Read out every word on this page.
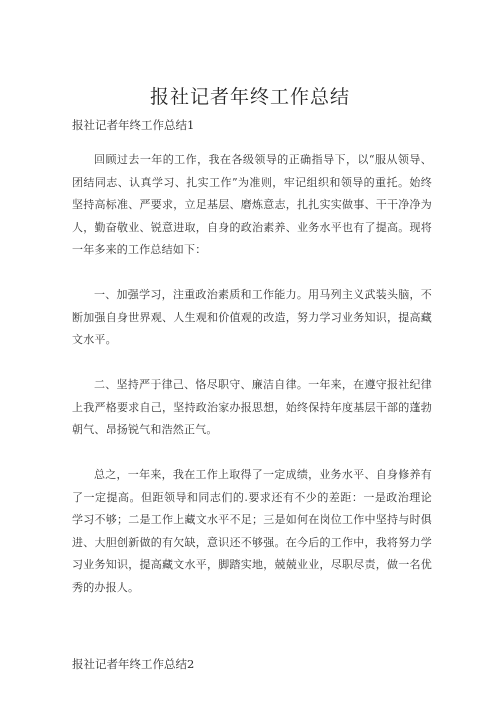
报社记者年终工作总结
报社记者年终工作总结1

回顾过去一年的工作，我在各级领导的正确指导下，以“服从领导、团结同志、认真学习、扎实工作”为准则，牢记组织和领导的重托。始终坚持高标准、严要求，立足基层、磨炼意志，扎扎实实做事、干干净净为人，勤奋敬业、锐意进取，自身的政治素养、业务水平也有了提高。现将一年多来的工作总结如下：

一、加强学习，注重政治素质和工作能力。用马列主义武装头脑，不断加强自身世界观、人生观和价值观的改造，努力学习业务知识，提高藏文水平。

二、坚持严于律己、恪尽职守、廉洁自律。一年来，在遵守报社纪律上我严格要求自己，坚持政治家办报思想，始终保持年度基层干部的蓬勃朝气、昂扬锐气和浩然正气。

总之，一年来，我在工作上取得了一定成绩，业务水平、自身修养有了一定提高。但距领导和同志们的.要求还有不少的差距：一是政治理论学习不够；二是工作上藏文水平不足；三是如何在岗位工作中坚持与时俱进、大胆创新做的有欠缺，意识还不够强。在今后的工作中，我将努力学习业务知识，提高藏文水平，脚踏实地，兢兢业业，尽职尽责，做一名优秀的办报人。

报社记者年终工作总结2
